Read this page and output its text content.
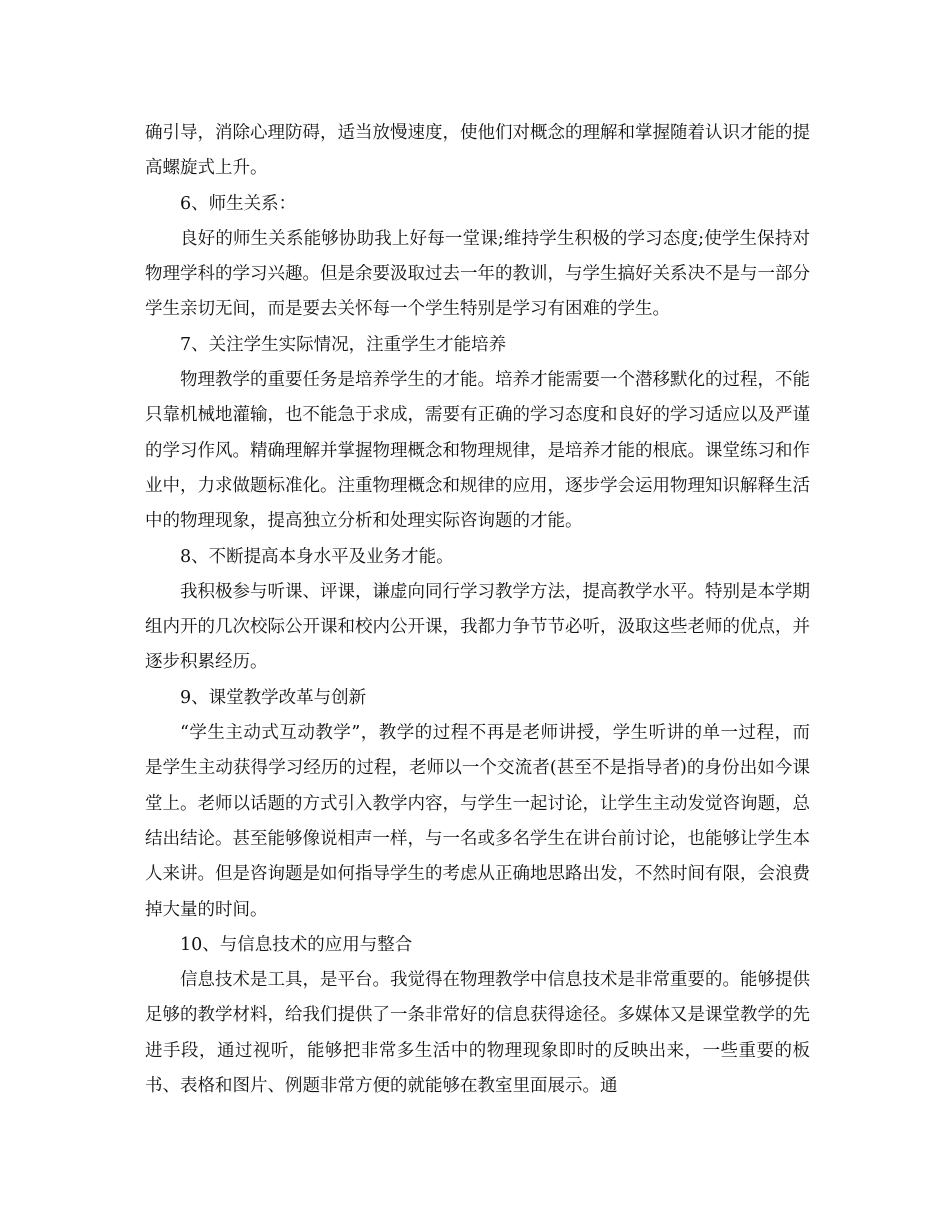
确引导，消除心理防碍，适当放慢速度，使他们对概念的理解和掌握随着认识才能的提高螺旋式上升。

6、师生关系：

良好的师生关系能够协助我上好每一堂课;维持学生积极的学习态度;使学生保持对物理学科的学习兴趣。但是余要汲取过去一年的教训，与学生搞好关系决不是与一部分学生亲切无间，而是要去关怀每一个学生特别是学习有困难的学生。

7、关注学生实际情况，注重学生才能培养

物理教学的重要任务是培养学生的才能。培养才能需要一个潜移默化的过程，不能只靠机械地灌输，也不能急于求成，需要有正确的学习态度和良好的学习适应以及严谨的学习作风。精确理解并掌握物理概念和物理规律，是培养才能的根底。课堂练习和作业中，力求做题标准化。注重物理概念和规律的应用，逐步学会运用物理知识解释生活中的物理现象，提高独立分析和处理实际咨询题的才能。

8、不断提高本身水平及业务才能。

我积极参与听课、评课，谦虚向同行学习教学方法，提高教学水平。特别是本学期组内开的几次校际公开课和校内公开课，我都力争节节必听，汲取这些老师的优点，并逐步积累经历。

9、课堂教学改革与创新

“学生主动式互动教学”，教学的过程不再是老师讲授，学生听讲的单一过程，而是学生主动获得学习经历的过程，老师以一个交流者(甚至不是指导者)的身份出如今课堂上。老师以话题的方式引入教学内容，与学生一起讨论，让学生主动发觉咨询题，总结出结论。甚至能够像说相声一样，与一名或多名学生在讲台前讨论，也能够让学生本人来讲。但是咨询题是如何指导学生的考虑从正确地思路出发，不然时间有限，会浪费掉大量的时间。

10、与信息技术的应用与整合

信息技术是工具，是平台。我觉得在物理教学中信息技术是非常重要的。能够提供足够的教学材料，给我们提供了一条非常好的信息获得途径。多媒体又是课堂教学的先进手段，通过视听，能够把非常多生活中的物理现象即时的反映出来，一些重要的板书、表格和图片、例题非常方便的就能够在教室里面展示。通
